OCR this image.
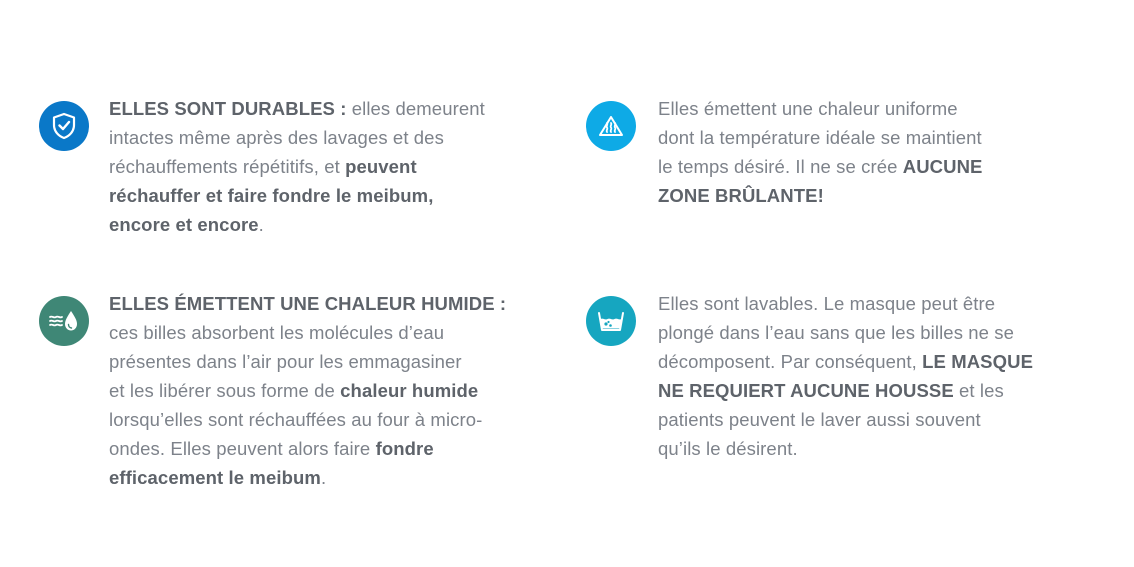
ELLES SONT DURABLES : elles demeurent
intactes même après des lavages et des
réchauffements répétitifs, et peuvent
réchauffer et faire fondre le meibum,
encore et encore.
Elles émettent une chaleur uniforme
dont la température idéale se maintient
le temps désiré. Il ne se crée AUCUNE
ZONE BRÛLANTE!
ELLES ÉMETTENT UNE CHALEUR HUMIDE :
ces billes absorbent les molécules d’eau
présentes dans l’air pour les emmagasiner
et les libérer sous forme de chaleur humide
lorsqu’elles sont réchauffées au four à micro-
ondes. Elles peuvent alors faire fondre
efficacement le meibum.
Elles sont lavables. Le masque peut être
plongé dans l’eau sans que les billes ne se
décomposent. Par conséquent, LE MASQUE
NE REQUIERT AUCUNE HOUSSE et les
patients peuvent le laver aussi souvent
qu’ils le désirent.
